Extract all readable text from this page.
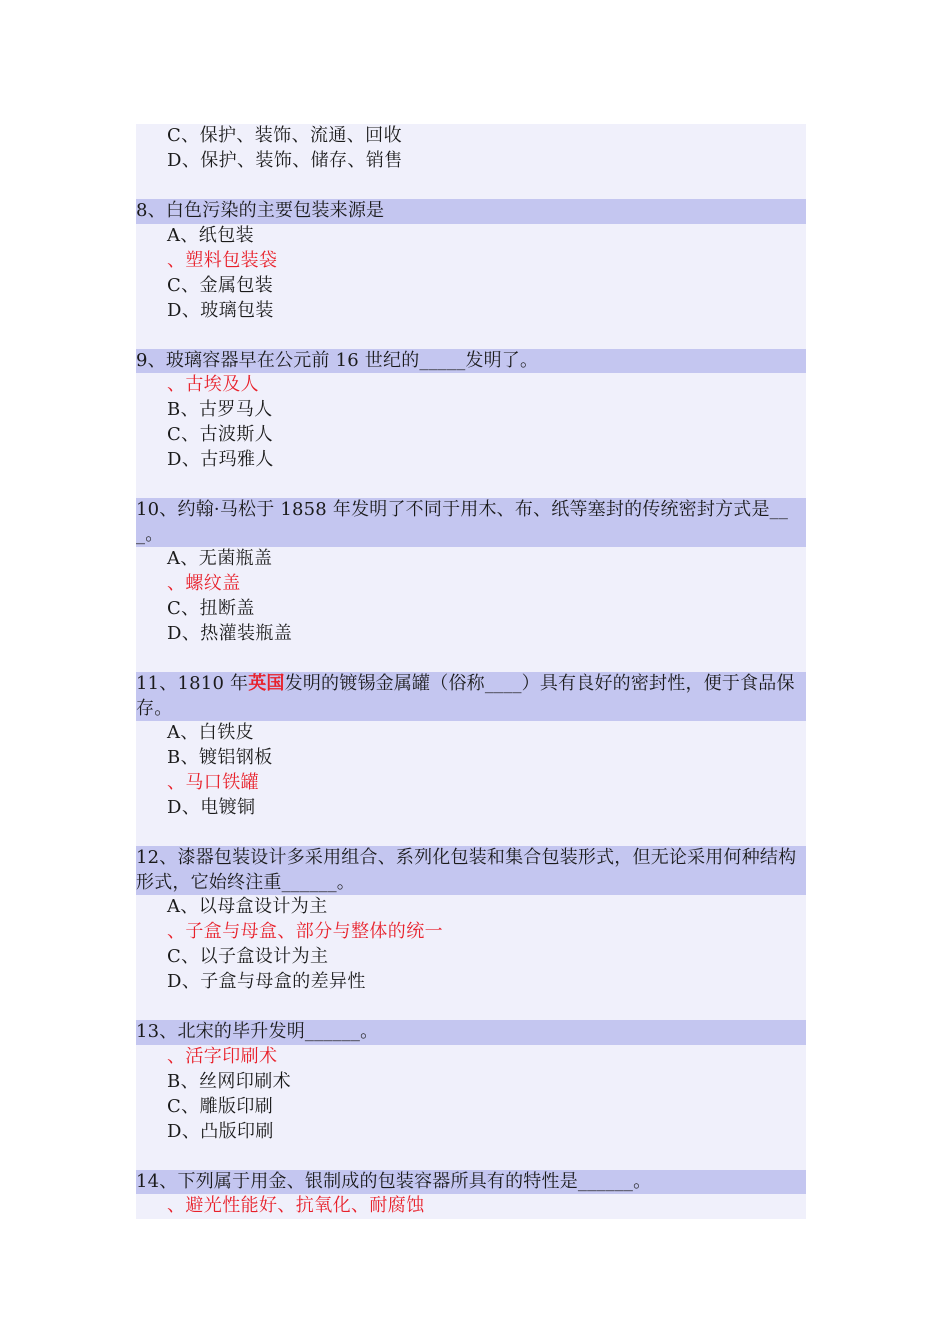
C、保护、装饰、流通、回收
D、保护、装饰、储存、销售
8、白色污染的主要包装来源是
A、纸包装
、塑料包装袋
C、金属包装
D、玻璃包装
9、玻璃容器早在公元前 16 世纪的_____发明了。
、古埃及人
B、古罗马人
C、古波斯人
D、古玛雅人
10、约翰·马松于 1858 年发明了不同于用木、布、纸等塞封的传统密封方式是__
_。
A、无菌瓶盖
、螺纹盖
C、扭断盖
D、热灌装瓶盖
11、1810 年英国发明的镀锡金属罐（俗称____）具有良好的密封性，便于食品保
存。
A、白铁皮
B、镀铝钢板
、马口铁罐
D、电镀铜
12、漆器包装设计多采用组合、系列化包装和集合包装形式，但无论采用何种结构
形式，它始终注重______。
A、以母盒设计为主
、子盒与母盒、部分与整体的统一
C、以子盒设计为主
D、子盒与母盒的差异性
13、北宋的毕升发明______。
、活字印刷术
B、丝网印刷术
C、雕版印刷
D、凸版印刷
14、下列属于用金、银制成的包装容器所具有的特性是______。
、避光性能好、抗氧化、耐腐蚀
